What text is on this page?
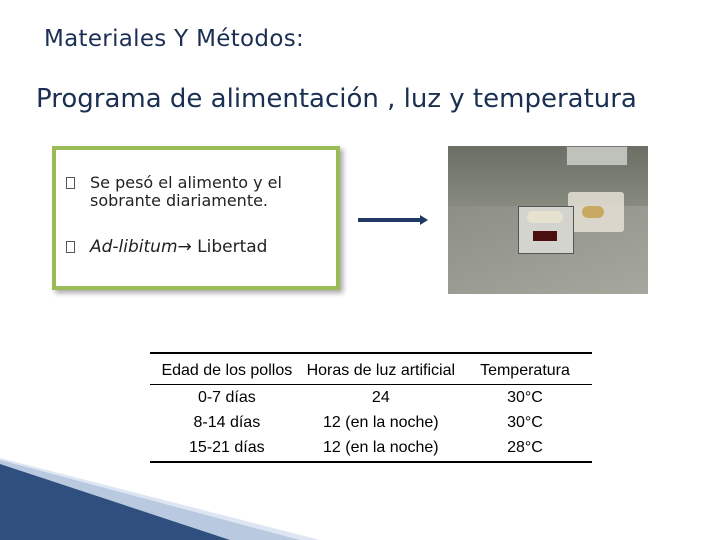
Materiales Y Métodos:
Programa de alimentación , luz y temperatura
Se pesó el alimento y el sobrante diariamente.
Ad-libitum→ Libertad
Edad de los pollos	Horas de luz artificial	Temperatura
0-7 días	24	30°C
8-14 días	12 (en la noche)	30°C
15-21 días	12 (en la noche)	28°C
